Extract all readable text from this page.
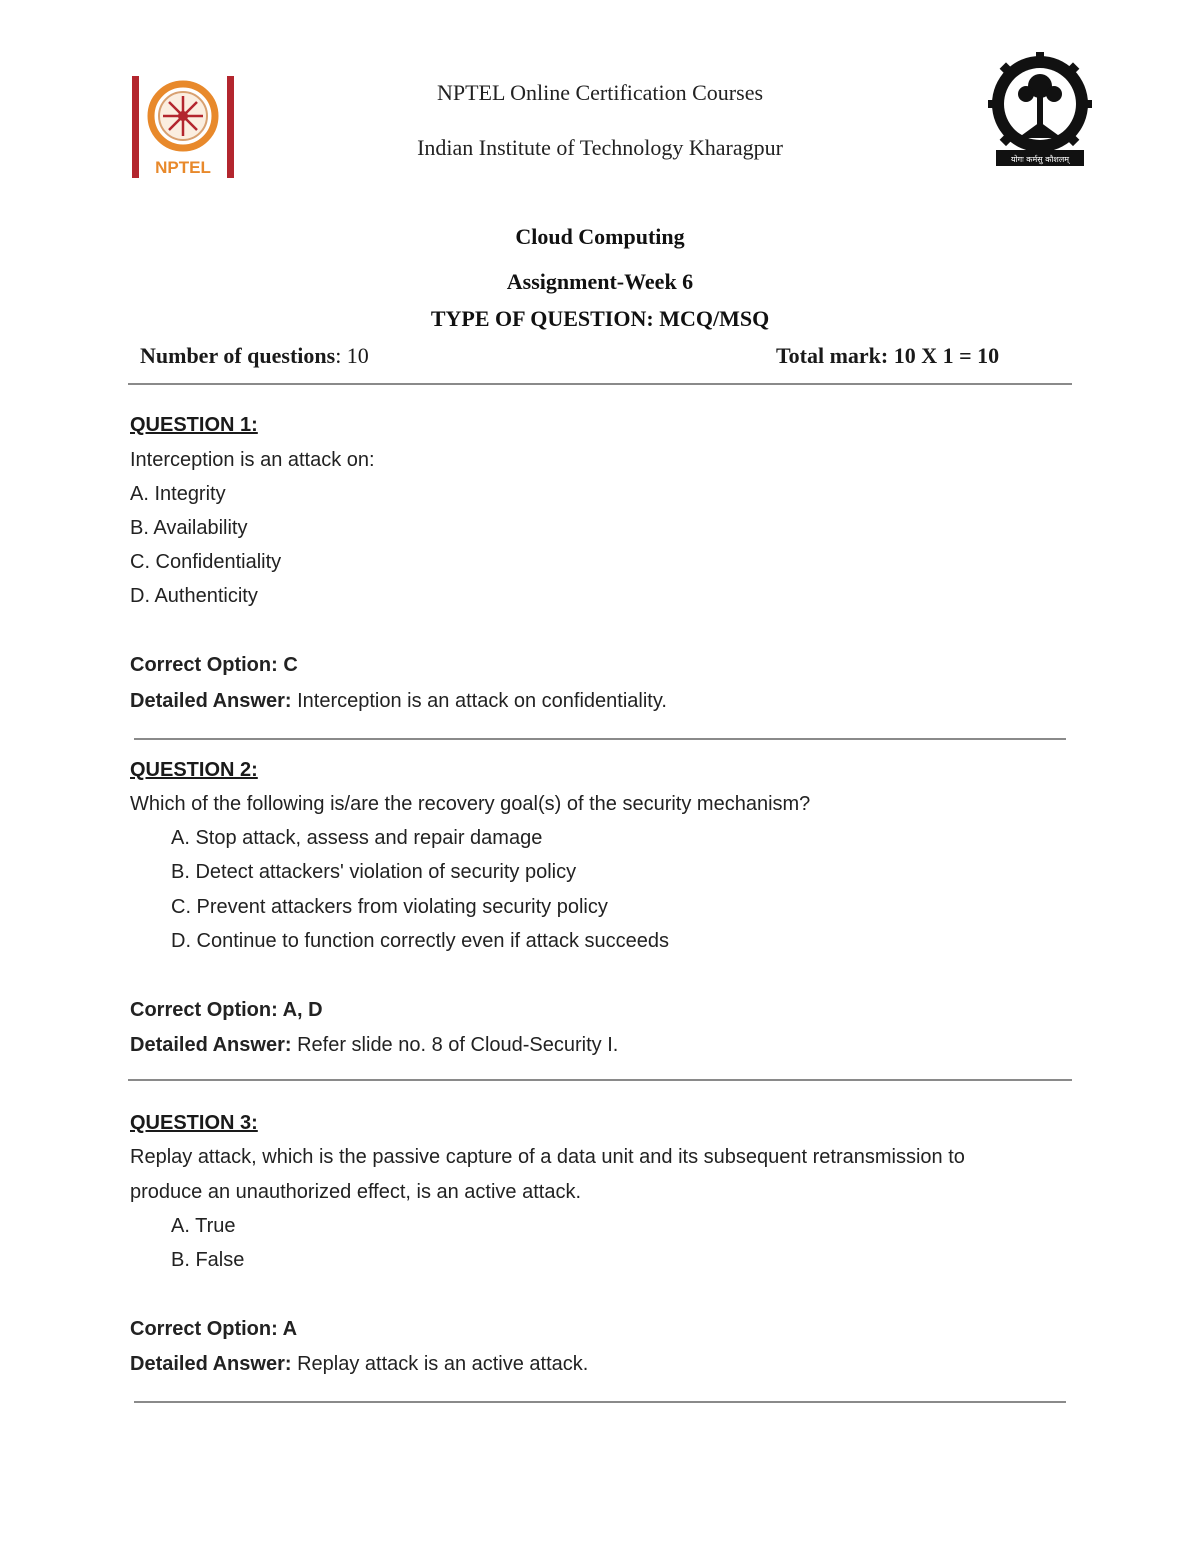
NPTEL	योगः कर्मसु कौशलम्
NPTEL Online Certification Courses
Indian Institute of Technology Kharagpur
Cloud Computing
Assignment-Week 6
TYPE OF QUESTION: MCQ/MSQ
Number of questions: 10	Total mark: 10 X 1 = 10
QUESTION 1:
Interception is an attack on:
A. Integrity
B. Availability
C. Confidentiality
D. Authenticity
Correct Option: C
Detailed Answer: Interception is an attack on confidentiality.
QUESTION 2:
Which of the following is/are the recovery goal(s) of the security mechanism?
A. Stop attack, assess and repair damage
B. Detect attackers' violation of security policy
C. Prevent attackers from violating security policy
D. Continue to function correctly even if attack succeeds
Correct Option: A, D
Detailed Answer: Refer slide no. 8 of Cloud-Security I.
QUESTION 3:
Replay attack, which is the passive capture of a data unit and its subsequent retransmission to
produce an unauthorized effect, is an active attack.
A. True
B. False
Correct Option: A
Detailed Answer: Replay attack is an active attack.
